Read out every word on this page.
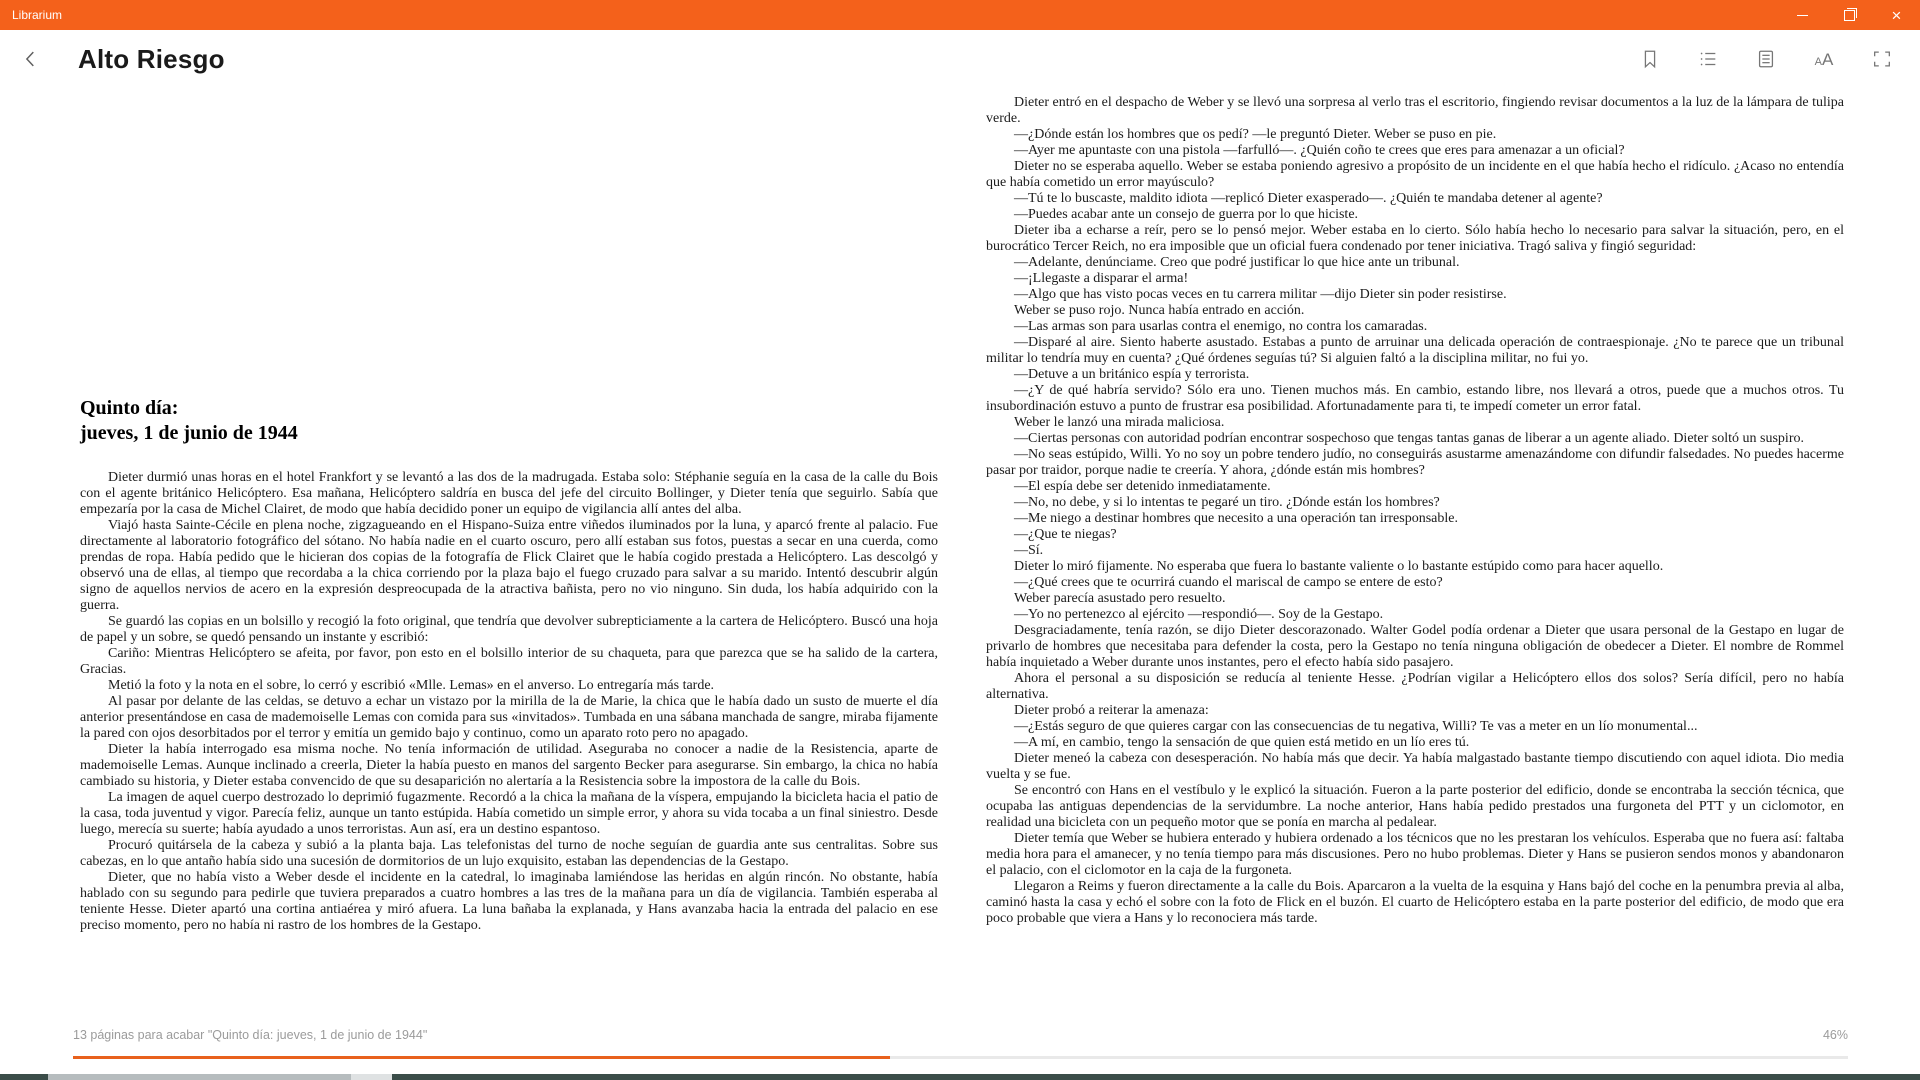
Librarium	×
Alto Riesgo	A A
Quinto día:
jueves, 1 de junio de 1944

Dieter durmió unas horas en el hotel Frankfort y se levantó a las dos de la madrugada. Estaba solo: Stéphanie seguía en la casa de la calle du Bois con el agente británico Helicóptero. Esa mañana, Helicóptero saldría en busca del jefe del circuito Bollinger, y Dieter tenía que seguirlo. Sabía que empezaría por la casa de Michel Clairet, de modo que había decidido poner un equipo de vigilancia allí antes del alba.

Viajó hasta Sainte-Cécile en plena noche, zigzagueando en el Hispano-Suiza entre viñedos iluminados por la luna, y aparcó frente al palacio. Fue directamente al laboratorio fotográfico del sótano. No había nadie en el cuarto oscuro, pero allí estaban sus fotos, puestas a secar en una cuerda, como prendas de ropa. Había pedido que le hicieran dos copias de la fotografía de Flick Clairet que le había cogido prestada a Helicóptero. Las descolgó y observó una de ellas, al tiempo que recordaba a la chica corriendo por la plaza bajo el fuego cruzado para salvar a su marido. Intentó descubrir algún signo de aquellos nervios de acero en la expresión despreocupada de la atractiva bañista, pero no vio ninguno. Sin duda, los había adquirido con la guerra.

Se guardó las copias en un bolsillo y recogió la foto original, que tendría que devolver subrepticiamente a la cartera de Helicóptero. Buscó una hoja de papel y un sobre, se quedó pensando un instante y escribió:

Cariño: Mientras Helicóptero se afeita, por favor, pon esto en el bolsillo interior de su chaqueta, para que parezca que se ha salido de la cartera, Gracias.

Metió la foto y la nota en el sobre, lo cerró y escribió «Mlle. Lemas» en el anverso. Lo entregaría más tarde.

Al pasar por delante de las celdas, se detuvo a echar un vistazo por la mirilla de la de Marie, la chica que le había dado un susto de muerte el día anterior presentándose en casa de mademoiselle Lemas con comida para sus «invitados». Tumbada en una sábana manchada de sangre, miraba fijamente la pared con ojos desorbitados por el terror y emitía un gemido bajo y continuo, como un aparato roto pero no apagado.

Dieter la había interrogado esa misma noche. No tenía información de utilidad. Aseguraba no conocer a nadie de la Resistencia, aparte de mademoiselle Lemas. Aunque inclinado a creerla, Dieter la había puesto en manos del sargento Becker para asegurarse. Sin embargo, la chica no había cambiado su historia, y Dieter estaba convencido de que su desaparición no alertaría a la Resistencia sobre la impostora de la calle du Bois.

La imagen de aquel cuerpo destrozado lo deprimió fugazmente. Recordó a la chica la mañana de la víspera, empujando la bicicleta hacia el patio de la casa, toda juventud y vigor. Parecía feliz, aunque un tanto estúpida. Había cometido un simple error, y ahora su vida tocaba a un final siniestro. Desde luego, merecía su suerte; había ayudado a unos terroristas. Aun así, era un destino espantoso.

Procuró quitársela de la cabeza y subió a la planta baja. Las telefonistas del turno de noche seguían de guardia ante sus centralitas. Sobre sus cabezas, en lo que antaño había sido una sucesión de dormitorios de un lujo exquisito, estaban las dependencias de la Gestapo.

Dieter, que no había visto a Weber desde el incidente en la catedral, lo imaginaba lamiéndose las heridas en algún rincón. No obstante, había hablado con su segundo para pedirle que tuviera preparados a cuatro hombres a las tres de la mañana para un día de vigilancia. También esperaba al teniente Hesse. Dieter apartó una cortina antiaérea y miró afuera. La luna bañaba la explanada, y Hans avanzaba hacia la entrada del palacio en ese preciso momento, pero no había ni rastro de los hombres de la Gestapo.

Dieter entró en el despacho de Weber y se llevó una sorpresa al verlo tras el escritorio, fingiendo revisar documentos a la luz de la lámpara de tulipa verde.

—¿Dónde están los hombres que os pedí? —le preguntó Dieter. Weber se puso en pie.

—Ayer me apuntaste con una pistola —farfulló—. ¿Quién coño te crees que eres para amenazar a un oficial?

Dieter no se esperaba aquello. Weber se estaba poniendo agresivo a propósito de un incidente en el que había hecho el ridículo. ¿Acaso no entendía que había cometido un error mayúsculo?

—Tú te lo buscaste, maldito idiota —replicó Dieter exasperado—. ¿Quién te mandaba detener al agente?

—Puedes acabar ante un consejo de guerra por lo que hiciste.

Dieter iba a echarse a reír, pero se lo pensó mejor. Weber estaba en lo cierto. Sólo había hecho lo necesario para salvar la situación, pero, en el burocrático Tercer Reich, no era imposible que un oficial fuera condenado por tener iniciativa. Tragó saliva y fingió seguridad:

—Adelante, denúnciame. Creo que podré justificar lo que hice ante un tribunal.

—¡Llegaste a disparar el arma!

—Algo que has visto pocas veces en tu carrera militar —dijo Dieter sin poder resistirse.

Weber se puso rojo. Nunca había entrado en acción.

—Las armas son para usarlas contra el enemigo, no contra los camaradas.

—Disparé al aire. Siento haberte asustado. Estabas a punto de arruinar una delicada operación de contraespionaje. ¿No te parece que un tribunal militar lo tendría muy en cuenta? ¿Qué órdenes seguías tú? Si alguien faltó a la disciplina militar, no fui yo.

—Detuve a un británico espía y terrorista.

—¿Y de qué habría servido? Sólo era uno. Tienen muchos más. En cambio, estando libre, nos llevará a otros, puede que a muchos otros. Tu insubordinación estuvo a punto de frustrar esa posibilidad. Afortunadamente para ti, te impedí cometer un error fatal.

Weber le lanzó una mirada maliciosa.

—Ciertas personas con autoridad podrían encontrar sospechoso que tengas tantas ganas de liberar a un agente aliado. Dieter soltó un suspiro.

—No seas estúpido, Willi. Yo no soy un pobre tendero judío, no conseguirás asustarme amenazándome con difundir falsedades. No puedes hacerme pasar por traidor, porque nadie te creería. Y ahora, ¿dónde están mis hombres?

—El espía debe ser detenido inmediatamente.

—No, no debe, y si lo intentas te pegaré un tiro. ¿Dónde están los hombres?

—Me niego a destinar hombres que necesito a una operación tan irresponsable.

—¿Que te niegas?

—Sí.

Dieter lo miró fijamente. No esperaba que fuera lo bastante valiente o lo bastante estúpido como para hacer aquello.

—¿Qué crees que te ocurrirá cuando el mariscal de campo se entere de esto?

Weber parecía asustado pero resuelto.

—Yo no pertenezco al ejército —respondió—. Soy de la Gestapo.

Desgraciadamente, tenía razón, se dijo Dieter descorazonado. Walter Godel podía ordenar a Dieter que usara personal de la Gestapo en lugar de privarlo de hombres que necesitaba para defender la costa, pero la Gestapo no tenía ninguna obligación de obedecer a Dieter. El nombre de Rommel había inquietado a Weber durante unos instantes, pero el efecto había sido pasajero.

Ahora el personal a su disposición se reducía al teniente Hesse. ¿Podrían vigilar a Helicóptero ellos dos solos? Sería difícil, pero no había alternativa.

Dieter probó a reiterar la amenaza:

—¿Estás seguro de que quieres cargar con las consecuencias de tu negativa, Willi? Te vas a meter en un lío monumental...

—A mí, en cambio, tengo la sensación de que quien está metido en un lío eres tú.

Dieter meneó la cabeza con desesperación. No había más que decir. Ya había malgastado bastante tiempo discutiendo con aquel idiota. Dio media vuelta y se fue.

Se encontró con Hans en el vestíbulo y le explicó la situación. Fueron a la parte posterior del edificio, donde se encontraba la sección técnica, que ocupaba las antiguas dependencias de la servidumbre. La noche anterior, Hans había pedido prestados una furgoneta del PTT y un ciclomotor, en realidad una bicicleta con un pequeño motor que se ponía en marcha al pedalear.

Dieter temía que Weber se hubiera enterado y hubiera ordenado a los técnicos que no les prestaran los vehículos. Esperaba que no fuera así: faltaba media hora para el amanecer, y no tenía tiempo para más discusiones. Pero no hubo problemas. Dieter y Hans se pusieron sendos monos y abandonaron el palacio, con el ciclomotor en la caja de la furgoneta.

Llegaron a Reims y fueron directamente a la calle du Bois. Aparcaron a la vuelta de la esquina y Hans bajó del coche en la penumbra previa al alba, caminó hasta la casa y echó el sobre con la foto de Flick en el buzón. El cuarto de Helicóptero estaba en la parte posterior del edificio, de modo que era poco probable que viera a Hans y lo reconociera más tarde.

13 páginas para acabar "Quinto día: jueves, 1 de junio de 1944"	46%
